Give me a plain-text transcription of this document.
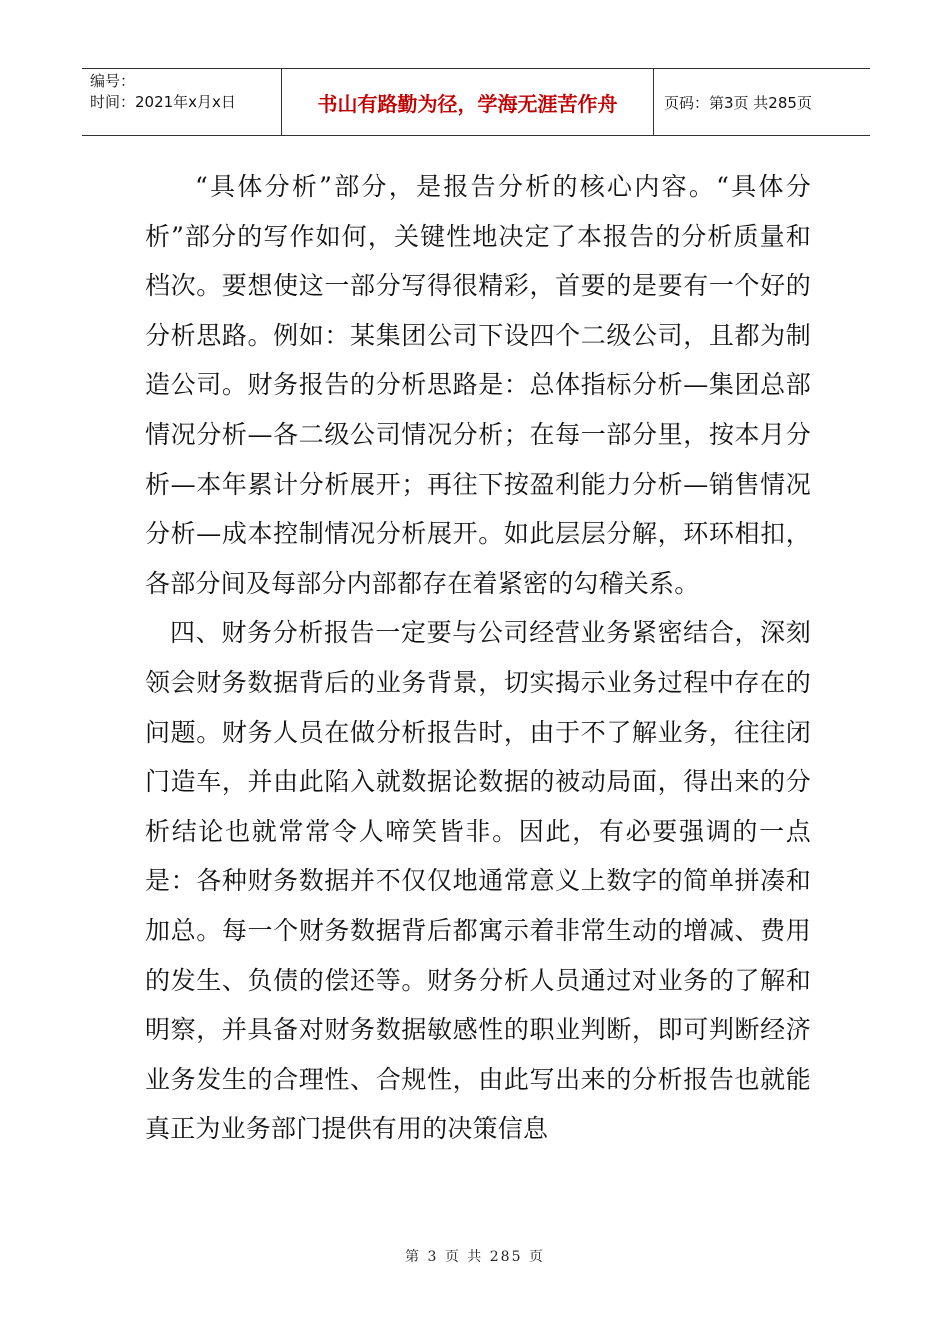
编号：
时间：2021年x月x日	书山有路勤为径，学海无涯苦作舟	页码：第3页 共285页

“具体分析”部分，是报告分析的核心内容。“具体分析”部分的写作如何，关键性地决定了本报告的分析质量和档次。要想使这一部分写得很精彩，首要的是要有一个好的分析思路。例如：某集团公司下设四个二级公司，且都为制造公司。财务报告的分析思路是：总体指标分析—集团总部情况分析—各二级公司情况分析；在每一部分里，按本月分析—本年累计分析展开；再往下按盈利能力分析—销售情况分析—成本控制情况分析展开。如此层层分解，环环相扣，各部分间及每部分内部都存在着紧密的勾稽关系。

四、财务分析报告一定要与公司经营业务紧密结合，深刻领会财务数据背后的业务背景，切实揭示业务过程中存在的问题。财务人员在做分析报告时，由于不了解业务，往往闭门造车，并由此陷入就数据论数据的被动局面，得出来的分析结论也就常常令人啼笑皆非。因此，有必要强调的一点是：各种财务数据并不仅仅地通常意义上数字的简单拼凑和加总。每一个财务数据背后都寓示着非常生动的增减、费用的发生、负债的偿还等。财务分析人员通过对业务的了解和明察，并具备对财务数据敏感性的职业判断，即可判断经济业务发生的合理性、合规性，由此写出来的分析报告也就能真正为业务部门提供有用的决策信息

第 3 页 共 285 页
